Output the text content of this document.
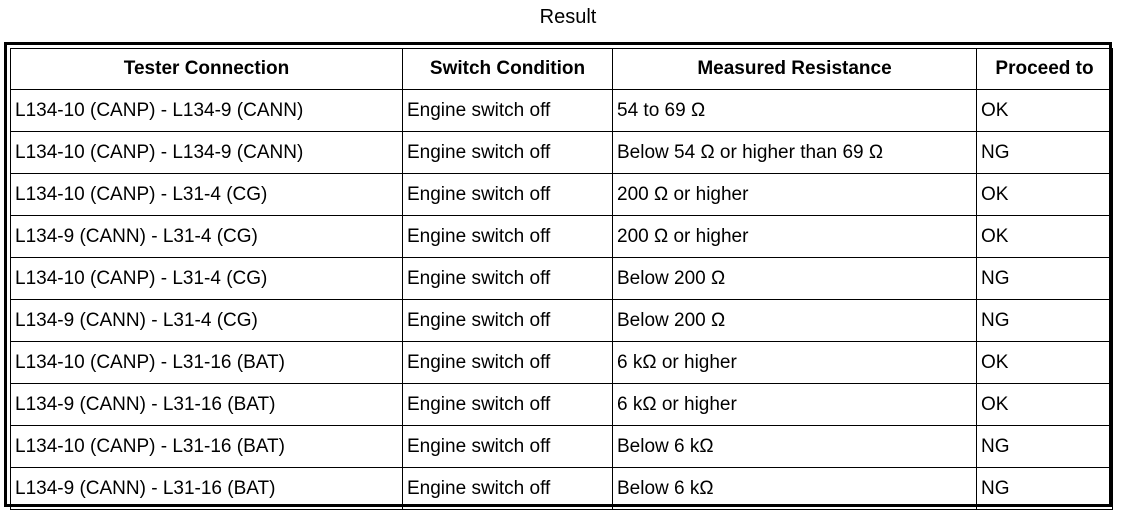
Result
Tester Connection	Switch Condition	Measured Resistance	Proceed to
L134-10 (CANP) - L134-9 (CANN)	Engine switch off	54 to 69 Ω	OK
L134-10 (CANP) - L134-9 (CANN)	Engine switch off	Below 54 Ω or higher than 69 Ω	NG
L134-10 (CANP) - L31-4 (CG)	Engine switch off	200 Ω or higher	OK
L134-9 (CANN) - L31-4 (CG)	Engine switch off	200 Ω or higher	OK
L134-10 (CANP) - L31-4 (CG)	Engine switch off	Below 200 Ω	NG
L134-9 (CANN) - L31-4 (CG)	Engine switch off	Below 200 Ω	NG
L134-10 (CANP) - L31-16 (BAT)	Engine switch off	6 kΩ or higher	OK
L134-9 (CANN) - L31-16 (BAT)	Engine switch off	6 kΩ or higher	OK
L134-10 (CANP) - L31-16 (BAT)	Engine switch off	Below 6 kΩ	NG
L134-9 (CANN) - L31-16 (BAT)	Engine switch off	Below 6 kΩ	NG
